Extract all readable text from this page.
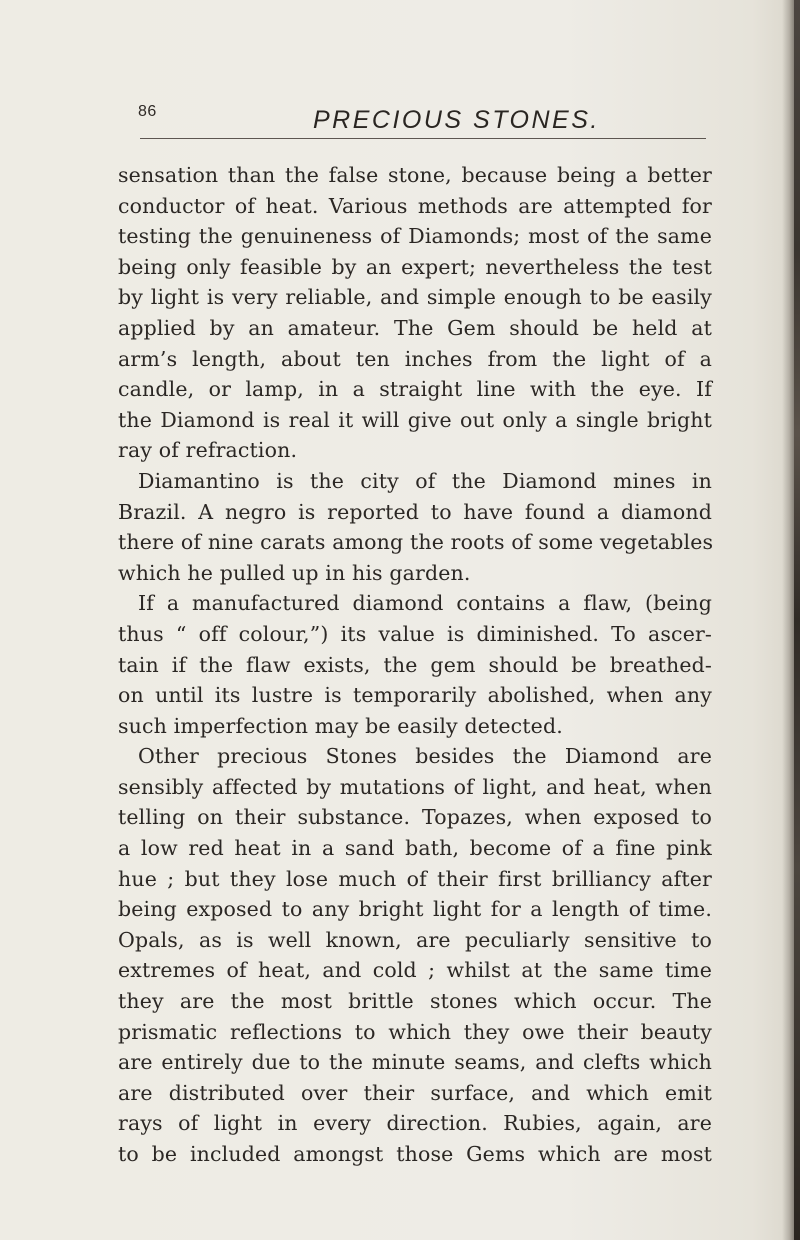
86	PRECIOUS STONES.
sensation than the false stone, because being a better
conductor of heat. Various methods are attempted for
testing the genuineness of Diamonds; most of the same
being only feasible by an expert; nevertheless the test
by light is very reliable, and simple enough to be easily
applied by an amateur. The Gem should be held at
arm’s length, about ten inches from the light of a
candle, or lamp, in a straight line with the eye. If
the Diamond is real it will give out only a single bright
ray of refraction.
Diamantino is the city of the Diamond mines in
Brazil. A negro is reported to have found a diamond
there of nine carats among the roots of some vegetables
which he pulled up in his garden.
If a manufactured diamond contains a flaw, (being
thus “ off colour,”) its value is diminished. To ascer-
tain if the flaw exists, the gem should be breathed-
on until its lustre is temporarily abolished, when any
such imperfection may be easily detected.
Other precious Stones besides the Diamond are
sensibly affected by mutations of light, and heat, when
telling on their substance. Topazes, when exposed to
a low red heat in a sand bath, become of a fine pink
hue ; but they lose much of their first brilliancy after
being exposed to any bright light for a length of time.
Opals, as is well known, are peculiarly sensitive to
extremes of heat, and cold ; whilst at the same time
they are the most brittle stones which occur. The
prismatic reflections to which they owe their beauty
are entirely due to the minute seams, and clefts which
are distributed over their surface, and which emit
rays of light in every direction. Rubies, again, are
to be included amongst those Gems which are most
